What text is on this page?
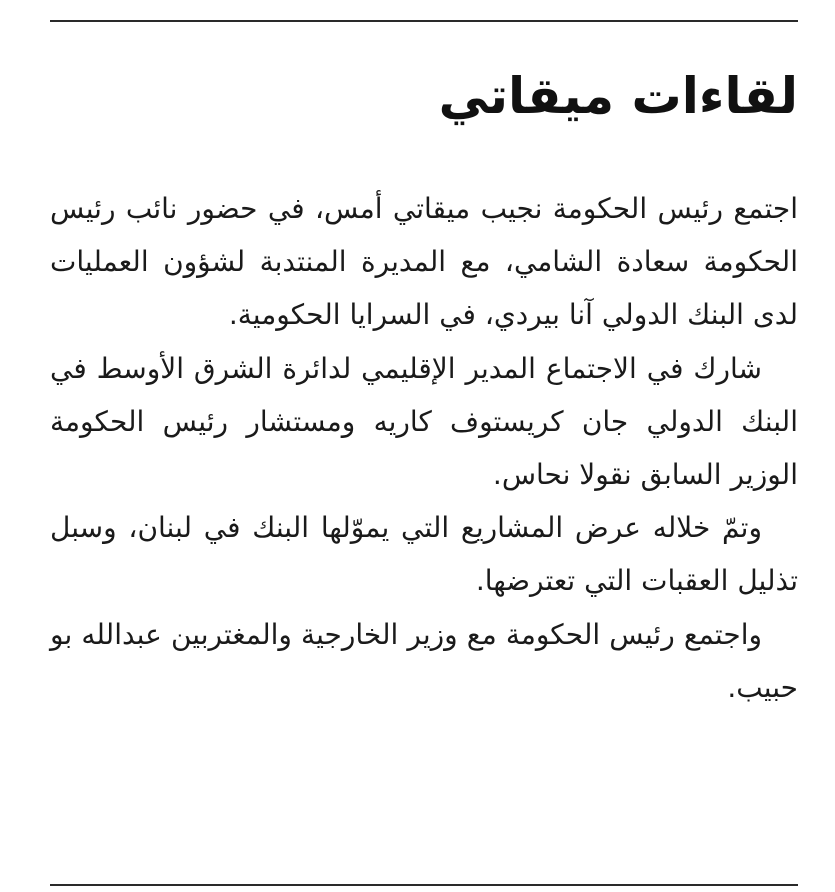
لقاءات ميقاتي

اجتمع رئيس الحكومة نجيب ميقاتي أمس، في حضور نائب رئيس الحكومة سعادة الشامي، مع المديرة المنتدبة لشؤون العمليات لدى البنك الدولي آنا بيردي، في السرايا الحكومية.

شارك في الاجتماع المدير الإقليمي لدائرة الشرق الأوسط في البنك الدولي جان كريستوف كاريه ومستشار رئيس الحكومة الوزير السابق نقولا نحاس.

وتمّ خلاله عرض المشاريع التي يموّلها البنك في لبنان، وسبل تذليل العقبات التي تعترضها.

واجتمع رئيس الحكومة مع وزير الخارجية والمغتربين عبدالله بو حبيب.
